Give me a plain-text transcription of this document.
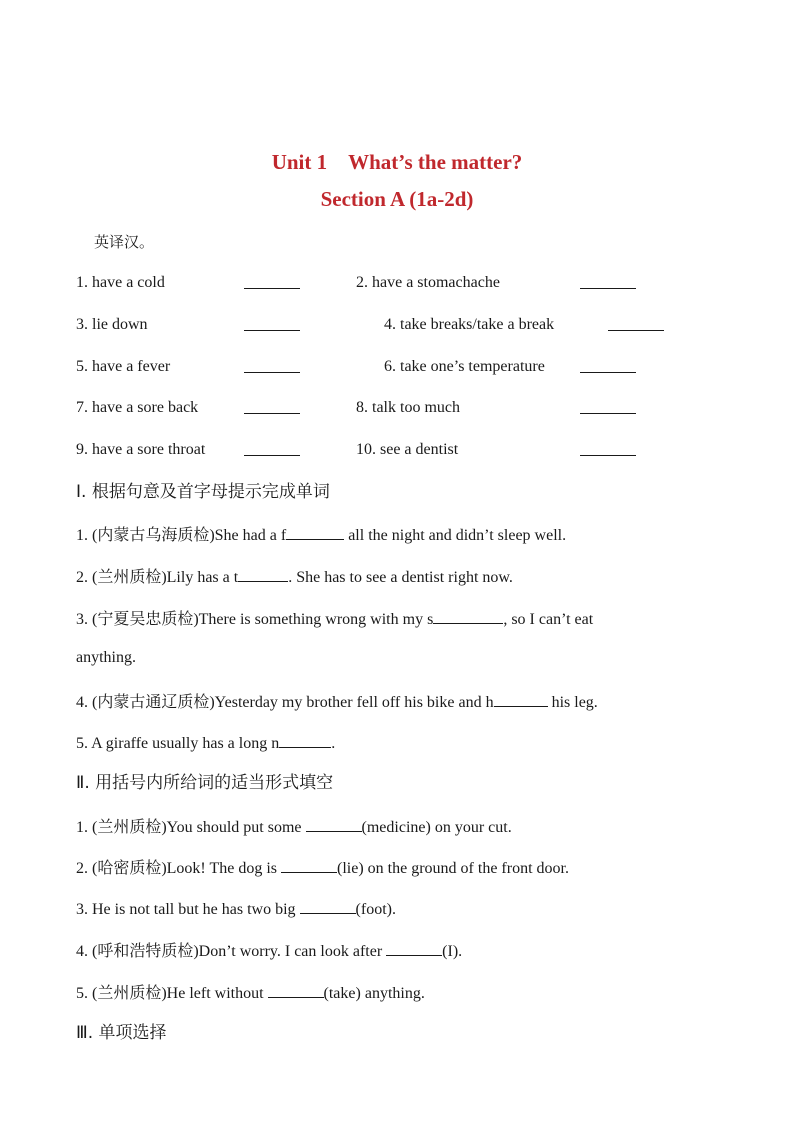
Unit 1　What’s the matter?
Section A (1a-2d)
英译汉。
1. have a cold	2. have a stomachache
3. lie down	4. take breaks/take a break
5. have a fever	6. take one’s temperature
7. have a sore back	8. talk too much
9. have a sore throat	10. see a dentist
Ⅰ. 根据句意及首字母提示完成单词
1. (内蒙古乌海质检)She had a f	all the night and didn’t sleep well.
2. (兰州质检)Lily has a t	. She has to see a dentist right now.
3. (宁夏吴忠质检)There is something wrong with my s	, so I can’t eat
anything.
4. (内蒙古通辽质检)Yesterday my brother fell off his bike and h	his leg.
5. A giraffe usually has a long n	.
Ⅱ. 用括号内所给词的适当形式填空
1. (兰州质检)You should put some	(medicine) on your cut.
2. (哈密质检)Look! The dog is	(lie) on the ground of the front door.
3. He is not tall but he has two big	(foot).
4. (呼和浩特质检)Don’t worry. I can look after	(I).
5. (兰州质检)He left without	(take) anything.
Ⅲ. 单项选择
